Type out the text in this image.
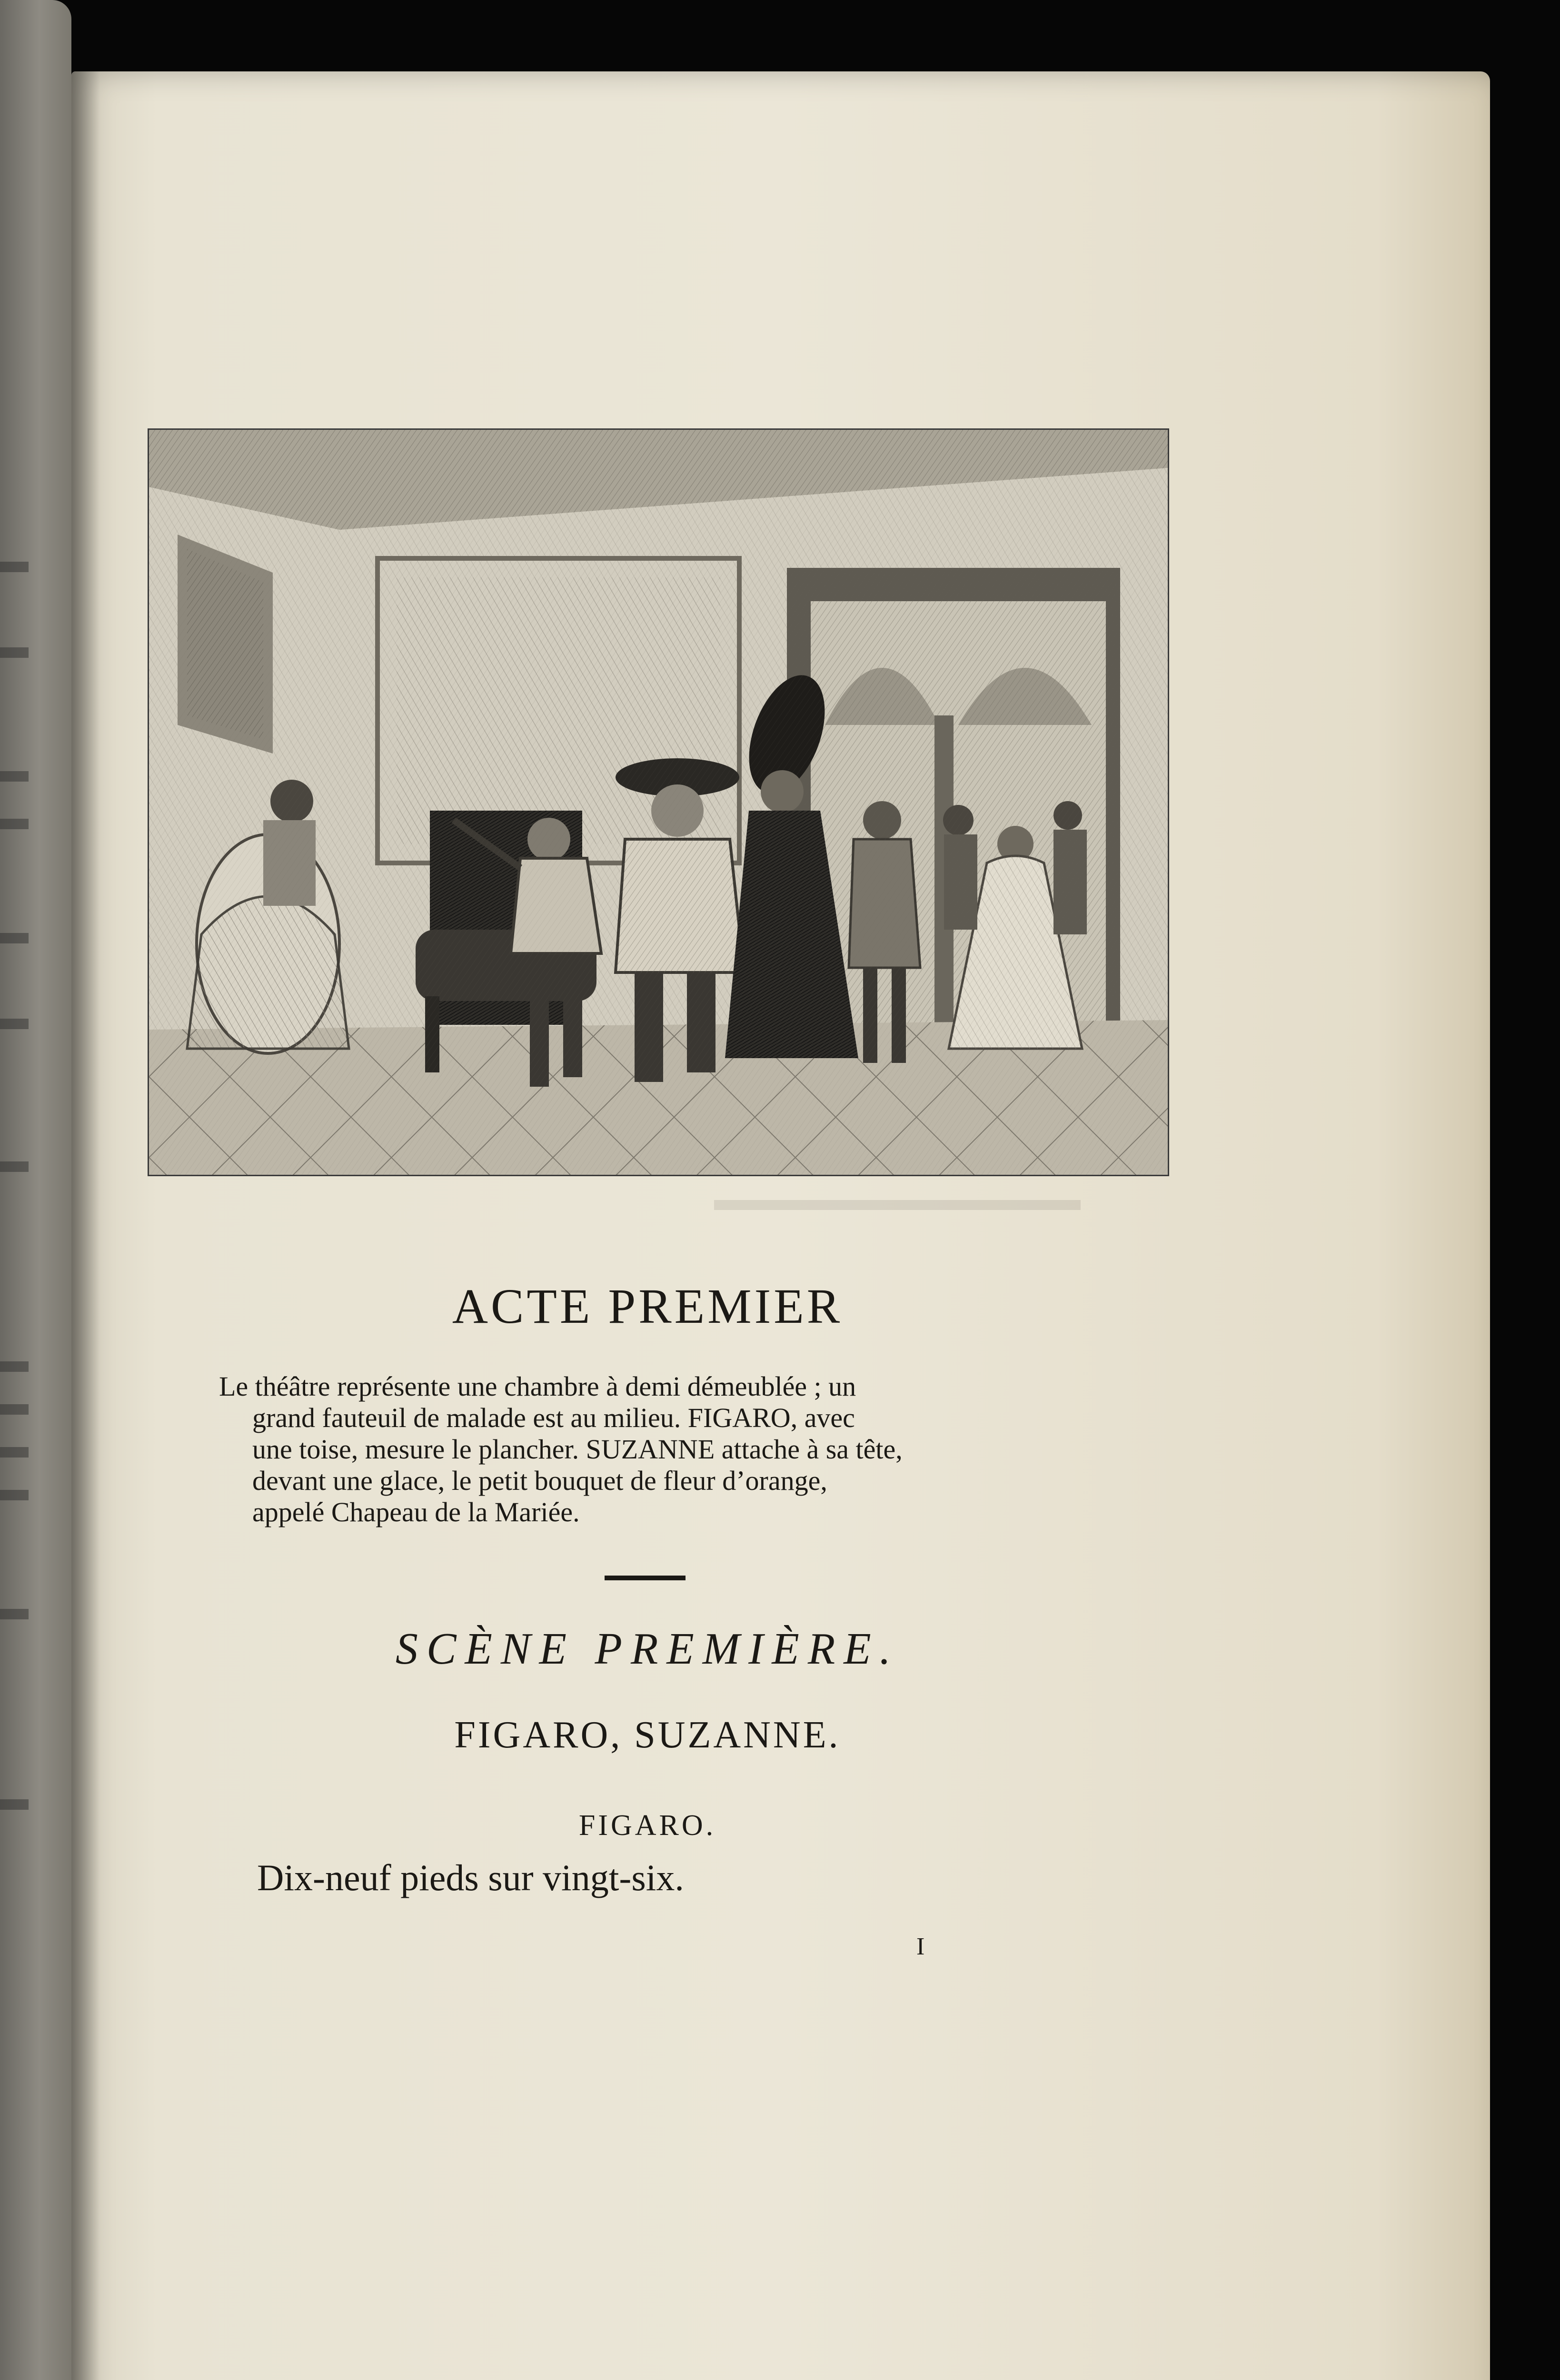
▬▬▬▬▬▬▬▬▬▬▬
ACTE PREMIER
Le théâtre représente une chambre à demi démeublée ; un
grand fauteuil de malade est au milieu. FIGARO, avec
une toise, mesure le plancher. SUZANNE attache à sa tête,
devant une glace, le petit bouquet de fleur d’orange,
appelé Chapeau de la Mariée.
SCÈNE PREMIÈRE.
FIGARO, SUZANNE.
FIGARO.
Dix-neuf pieds sur vingt-six.
I
